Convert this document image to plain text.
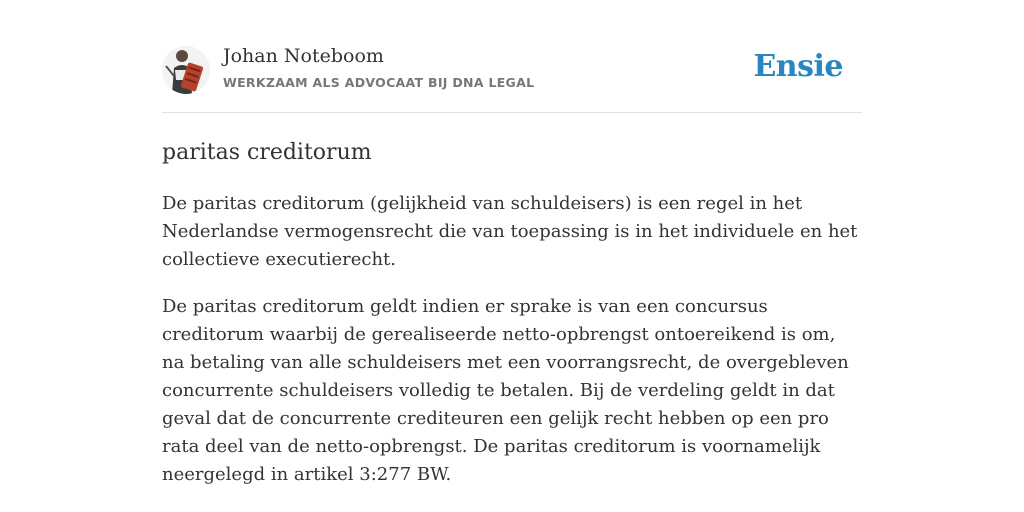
Johan Noteboom
WERKZAAM ALS ADVOCAAT BIJ DNA LEGAL	Ensie
paritas creditorum

De paritas creditorum (gelijkheid van schuldeisers) is een regel in het Nederlandse vermogensrecht die van toepassing is in het individuele en het collectieve executierecht.

De paritas creditorum geldt indien er sprake is van een concursus creditorum waarbij de gerealiseerde netto-opbrengst ontoereikend is om, na betaling van alle schuldeisers met een voorrangsrecht, de overgebleven concurrente schuldeisers volledig te betalen. Bij de verdeling geldt in dat geval dat de concurrente crediteuren een gelijk recht hebben op een pro rata deel van de netto-opbrengst. De paritas creditorum is voornamelijk neergelegd in artikel 3:277 BW.
